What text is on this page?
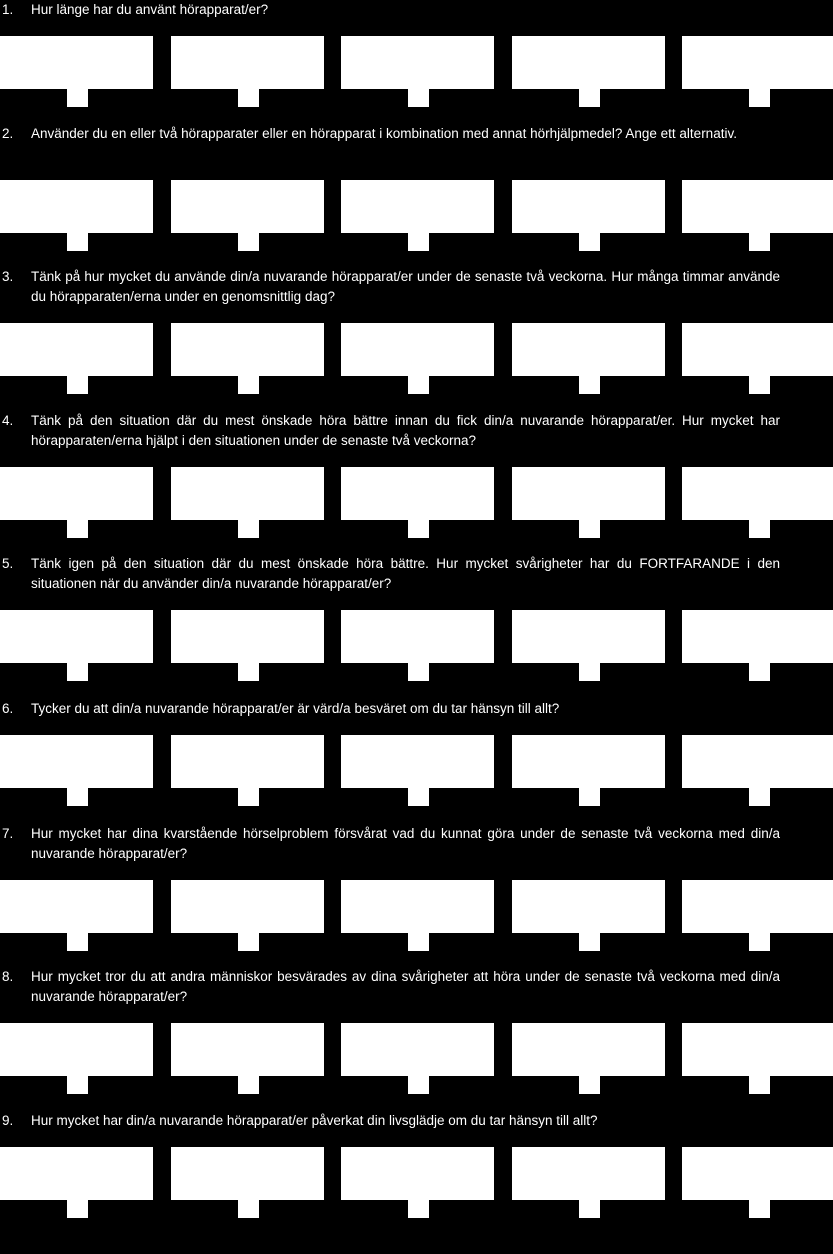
1.	Hur länge har du använt hörapparat/er?
2.	Använder du en eller två hörapparater eller en hörapparat i kombination med annat hörhjälpmedel? Ange ett alternativ.
3.	Tänk på hur mycket du använde din/a nuvarande hörapparat/er under de senaste två veckorna. Hur många timmar använde du hörapparaten/erna under en genomsnittlig dag?
4.	Tänk på den situation där du mest önskade höra bättre innan du fick din/a nuvarande hörapparat/er. Hur mycket har hörapparaten/erna hjälpt i den situationen under de senaste två veckorna?
5.	Tänk igen på den situation där du mest önskade höra bättre. Hur mycket svårigheter har du FORTFARANDE i den situationen när du använder din/a nuvarande hörapparat/er?
6.	Tycker du att din/a nuvarande hörapparat/er är värd/a besväret om du tar hänsyn till allt?
7.	Hur mycket har dina kvarstående hörselproblem försvårat vad du kunnat göra under de senaste två veckorna med din/a nuvarande hörapparat/er?
8.	Hur mycket tror du att andra människor besvärades av dina svårigheter att höra under de senaste två veckorna med din/a nuvarande hörapparat/er?
9.	Hur mycket har din/a nuvarande hörapparat/er påverkat din livsglädje om du tar hänsyn till allt?
